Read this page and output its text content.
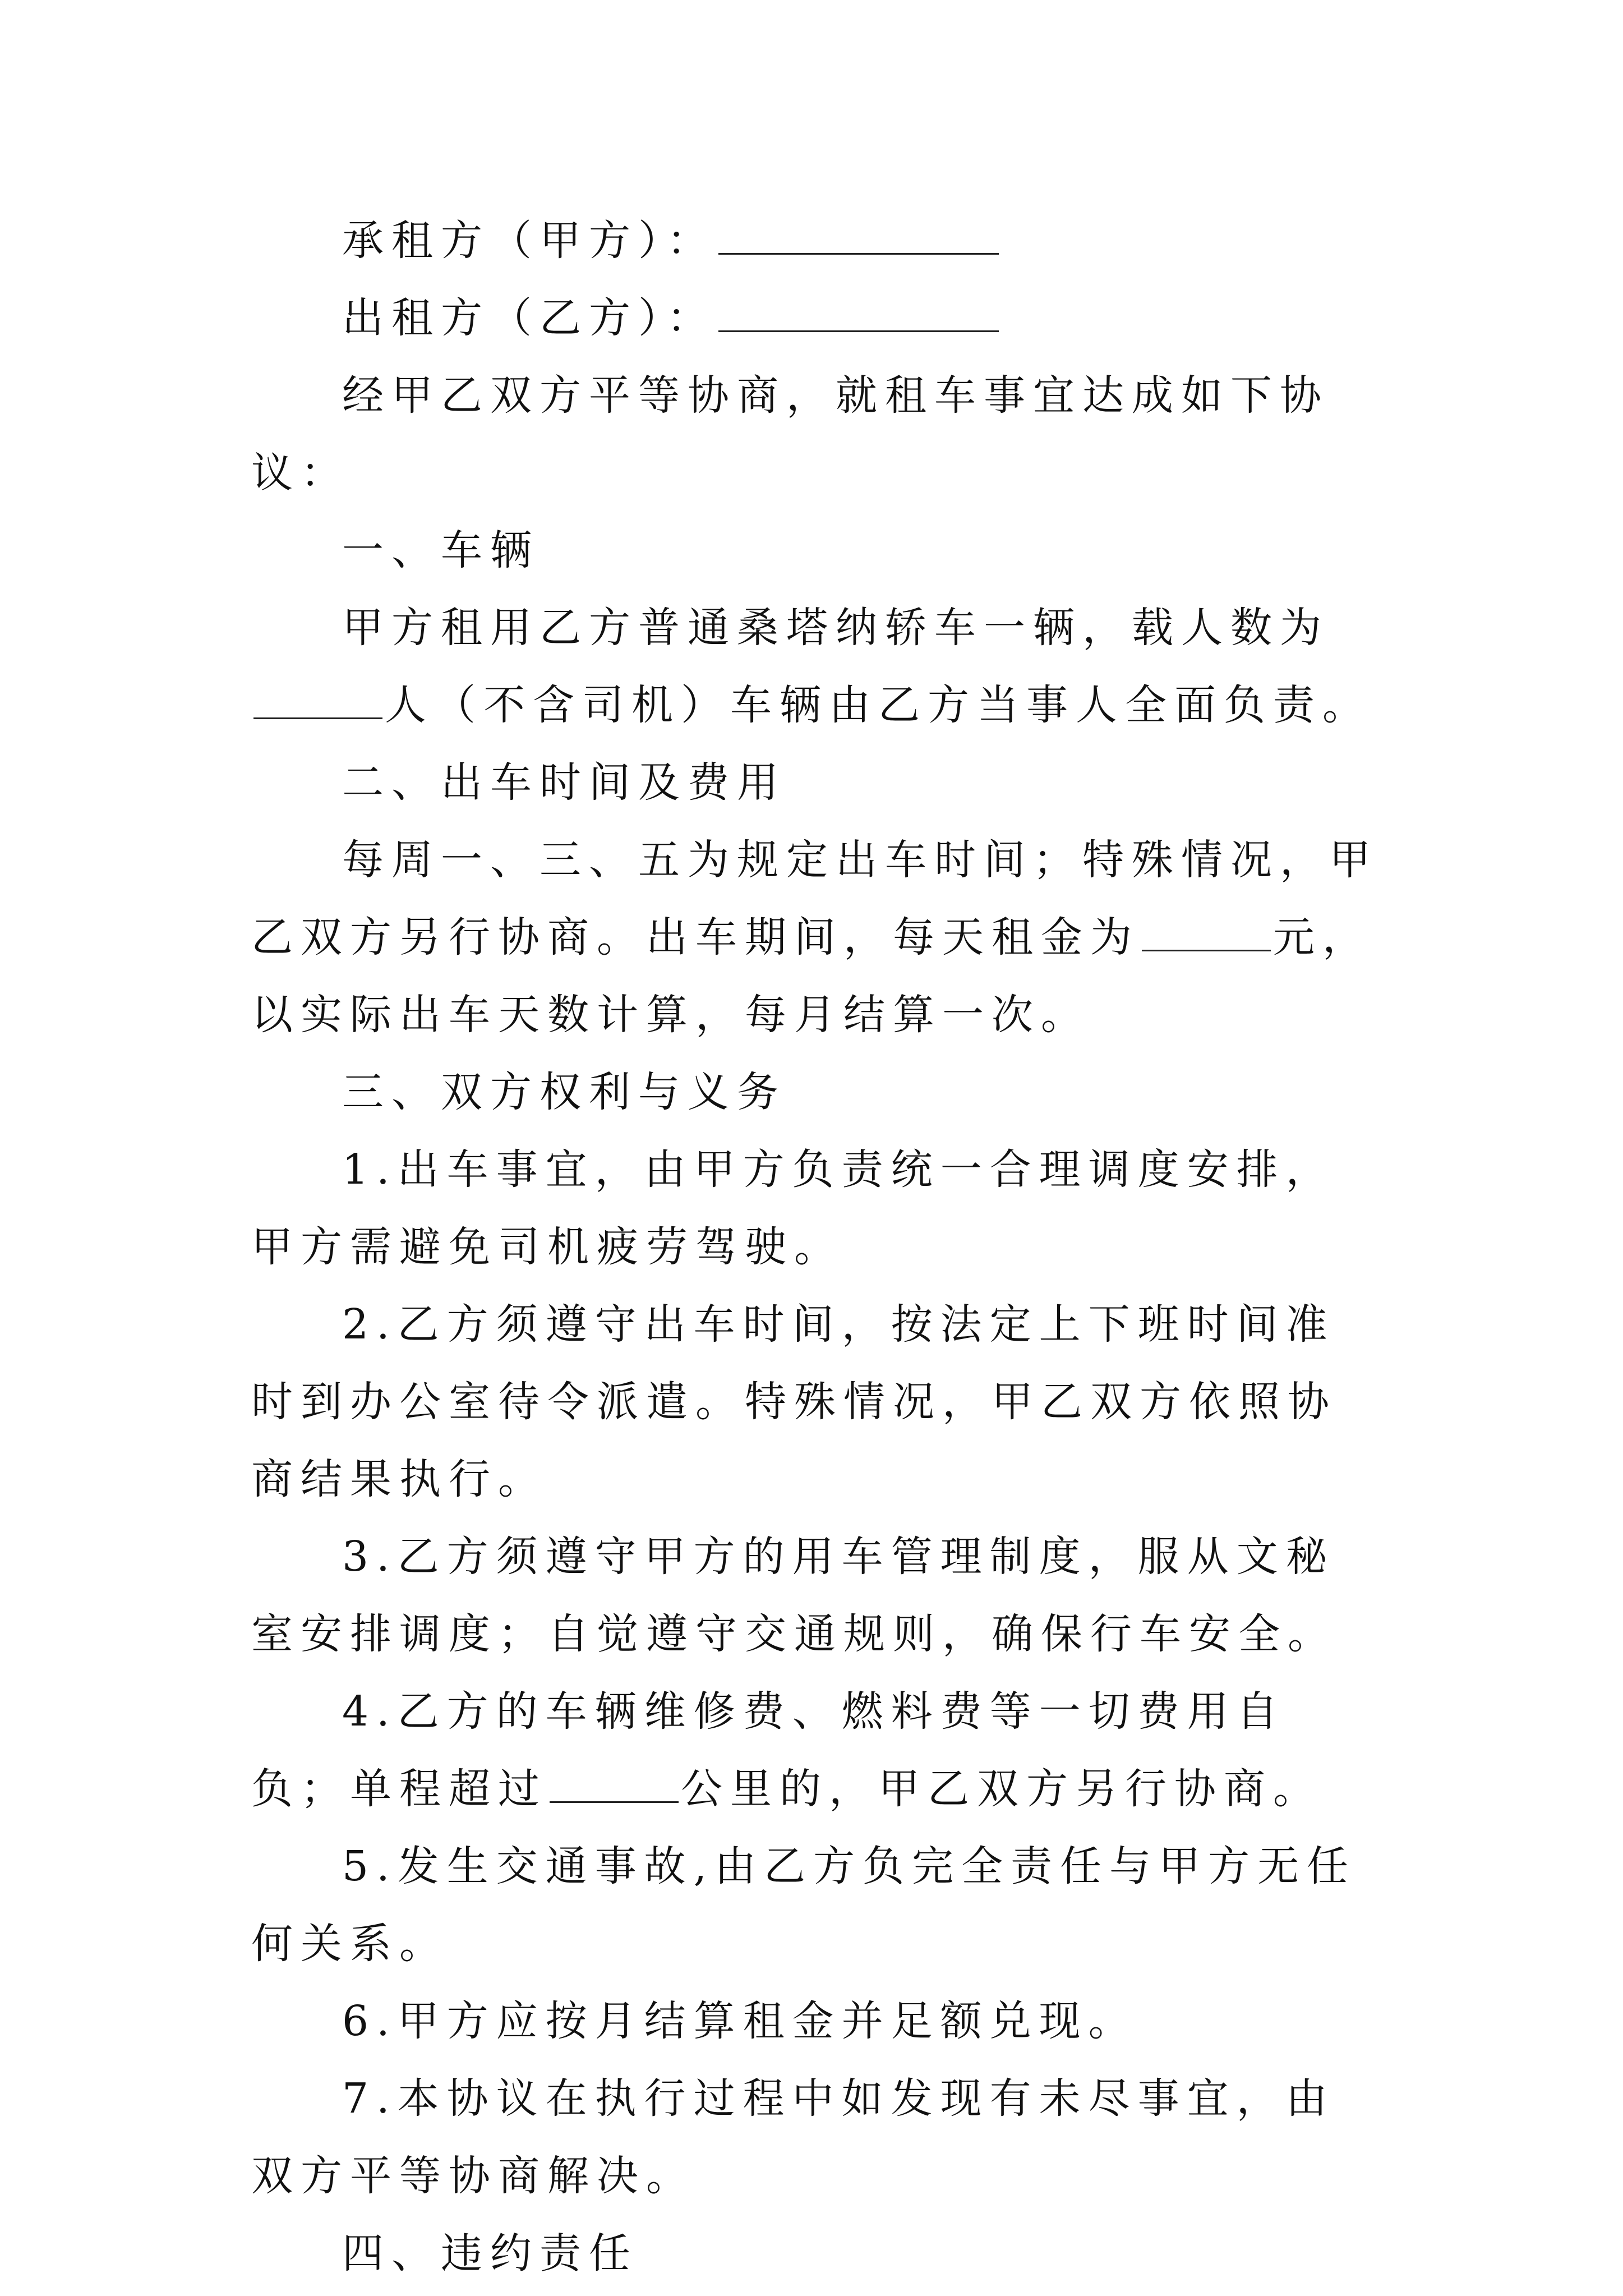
承租方（甲方）：

出租方（乙方）：

经甲乙双方平等协商，就租车事宜达成如下协议：

一、车辆

甲方租用乙方普通桑塔纳轿车一辆，载人数为人（不含司机）车辆由乙方当事人全面负责。

二、出车时间及费用

每周一、三、五为规定出车时间；特殊情况，甲乙双方另行协商。出车期间，每天租金为	元，以实际出车天数计算，每月结算一次。

三、双方权利与义务

1.出车事宜，由甲方负责统一合理调度安排，甲方需避免司机疲劳驾驶。

2.乙方须遵守出车时间，按法定上下班时间准时到办公室待令派遣。特殊情况，甲乙双方依照协商结果执行。

3.乙方须遵守甲方的用车管理制度，服从文秘室安排调度；自觉遵守交通规则，确保行车安全。

4.乙方的车辆维修费、燃料费等一切费用自负；单程超过	公里的，甲乙双方另行协商。

5.发生交通事故,由乙方负完全责任与甲方无任何关系。

6.甲方应按月结算租金并足额兑现。

7.本协议在执行过程中如发现有未尽事宜，由双方平等协商解决。

四、违约责任
